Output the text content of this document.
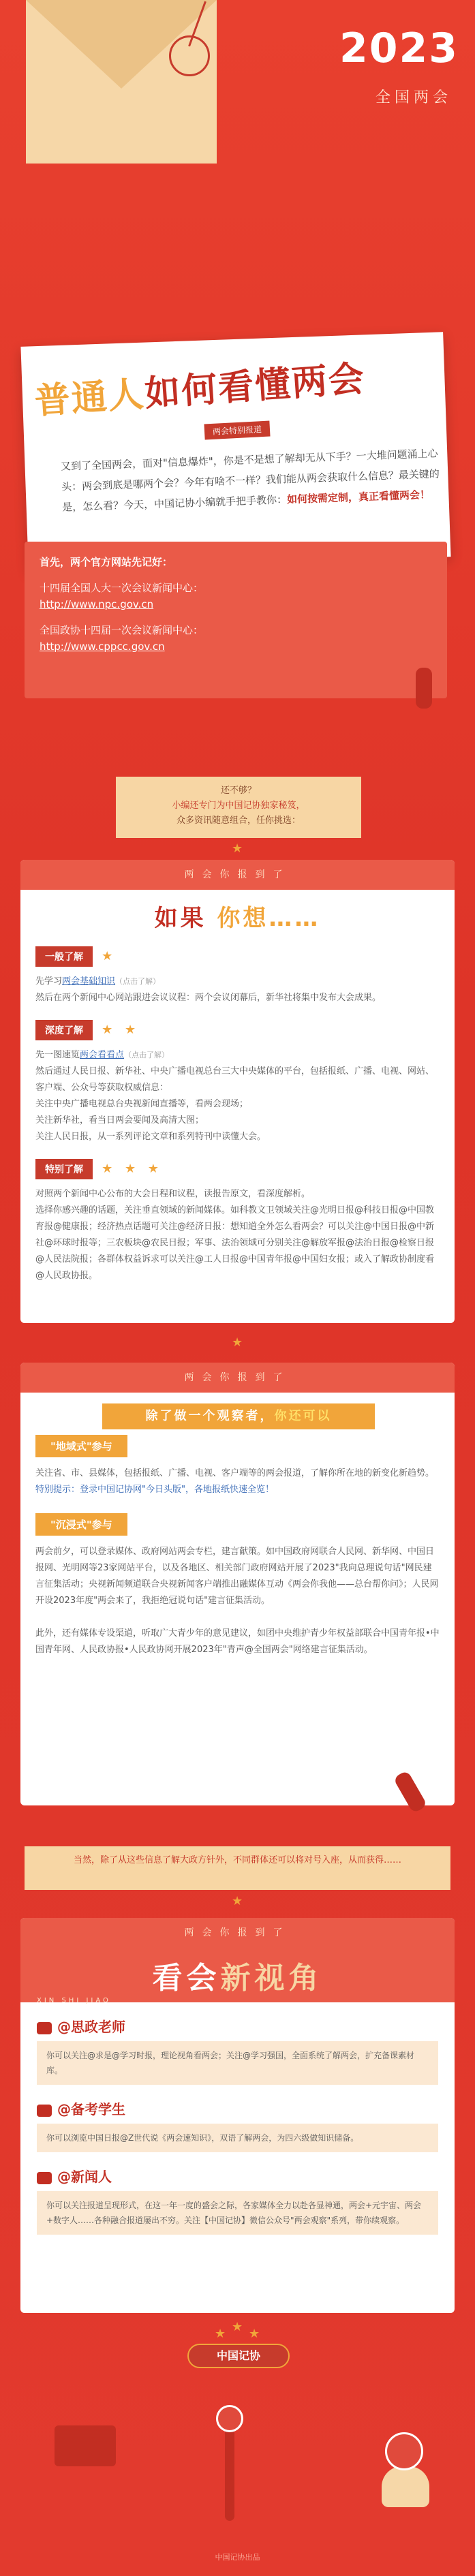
2023
全国两会
普通人如何看懂两会
两会特别报道
又到了全国两会，面对"信息爆炸"，你是不是想了解却无从下手？一大堆问题涌上心头：两会到底是哪两个会？今年有啥不一样？我们能从两会获取什么信息？最关键的是，怎么看？今天，中国记协小编就手把手教你：如何按需定制，真正看懂两会！
首先，两个官方网站先记好：
十四届全国人大一次会议新闻中心：
http://www.npc.gov.cn
全国政协十四届一次会议新闻中心：
http://www.cppcc.gov.cn
还不够？
小编还专门为中国记协独家秘笈，
众多资讯随意组合，任你挑选：
★
两会你报到了
如果 你想……
一般了解 ★
先学习两会基础知识（点击了解）
然后在两个新闻中心网站跟进会议议程：两个会议闭幕后，新华社将集中发布大会成果。
深度了解 ★ ★
先一图速览两会看看点（点击了解）
然后通过人民日报、新华社、中央广播电视总台三大中央媒体的平台，包括报纸、广播、电视、网站、客户端、公众号等获取权威信息：
关注中央广播电视总台央视新闻直播等，看两会现场；
关注新华社，看当日两会要闻及高清大图；
关注人民日报，从一系列评论文章和系列特刊中读懂大会。
特别了解 ★ ★ ★
对照两个新闻中心公布的大会日程和议程，读报告原文，看深度解析。
选择你感兴趣的话题，关注垂直领域的新闻媒体。如科教文卫领域关注@光明日报@科技日报@中国教育报@健康报；经济热点话题可关注@经济日报：想知道全外怎么看两会？可以关注@中国日报@中新社@环球时报等；三农板块@农民日报；军事、法治领域可分别关注@解放军报@法治日报@检察日报@人民法院报；各群体权益诉求可以关注@工人日报@中国青年报@中国妇女报；或入了解政协制度看@人民政协报。
★
两会你报到了
"地域式"参与
关注省、市、县媒体，包括报纸、广播、电视、客户端等的两会报道，了解你所在地的新变化新趋势。
特别提示：登录中国记协网"今日头版"，各地报纸快速全览！
"沉浸式"参与
两会前夕，可以登录媒体、政府网站两会专栏，建言献策。如中国政府网联合人民网、新华网、中国日报网、光明网等23家网站平台，以及各地区、相关部门政府网站开展了2023"我向总理说句话"网民建言征集活动；央视新闻频道联合央视新闻客户端推出融媒体互动《两会你我他——总台帮你问》；人民网开设2023年度"两会来了，我拒绝冠说句话"建言征集活动。

此外，还有媒体专设渠道，听取广大青少年的意见建议，如团中央维护青少年权益部联合中国青年报•中国青年网、人民政协报•人民政协网开展2023年"青声@全国两会"网络建言征集活动。
除了做一个观察者，你还可以
当然，除了从这些信息了解大政方针外，不同群体还可以将对号入座，从而获得……
★
两会你报到了
看会新视角
XIN SHI JIAO
@思政老师
你可以关注@求是@学习时报，理论视角看两会；关注@学习强国，全面系统了解两会，扩充备课素材库。
@备考学生
你可以浏览中国日报@Z世代说《两会速知识》，双语了解两会，为四六级做知识储备。
@新闻人
你可以关注报道呈现形式，在这一年一度的盛会之际，各家媒体全力以赴各显神通，两会+元宇宙、两会+数字人……各种融合报道屡出不穷。关注【中国记协】微信公众号"两会观察"系列，带你续观察。
★ ★ ★
中国记协
中国记协出品
